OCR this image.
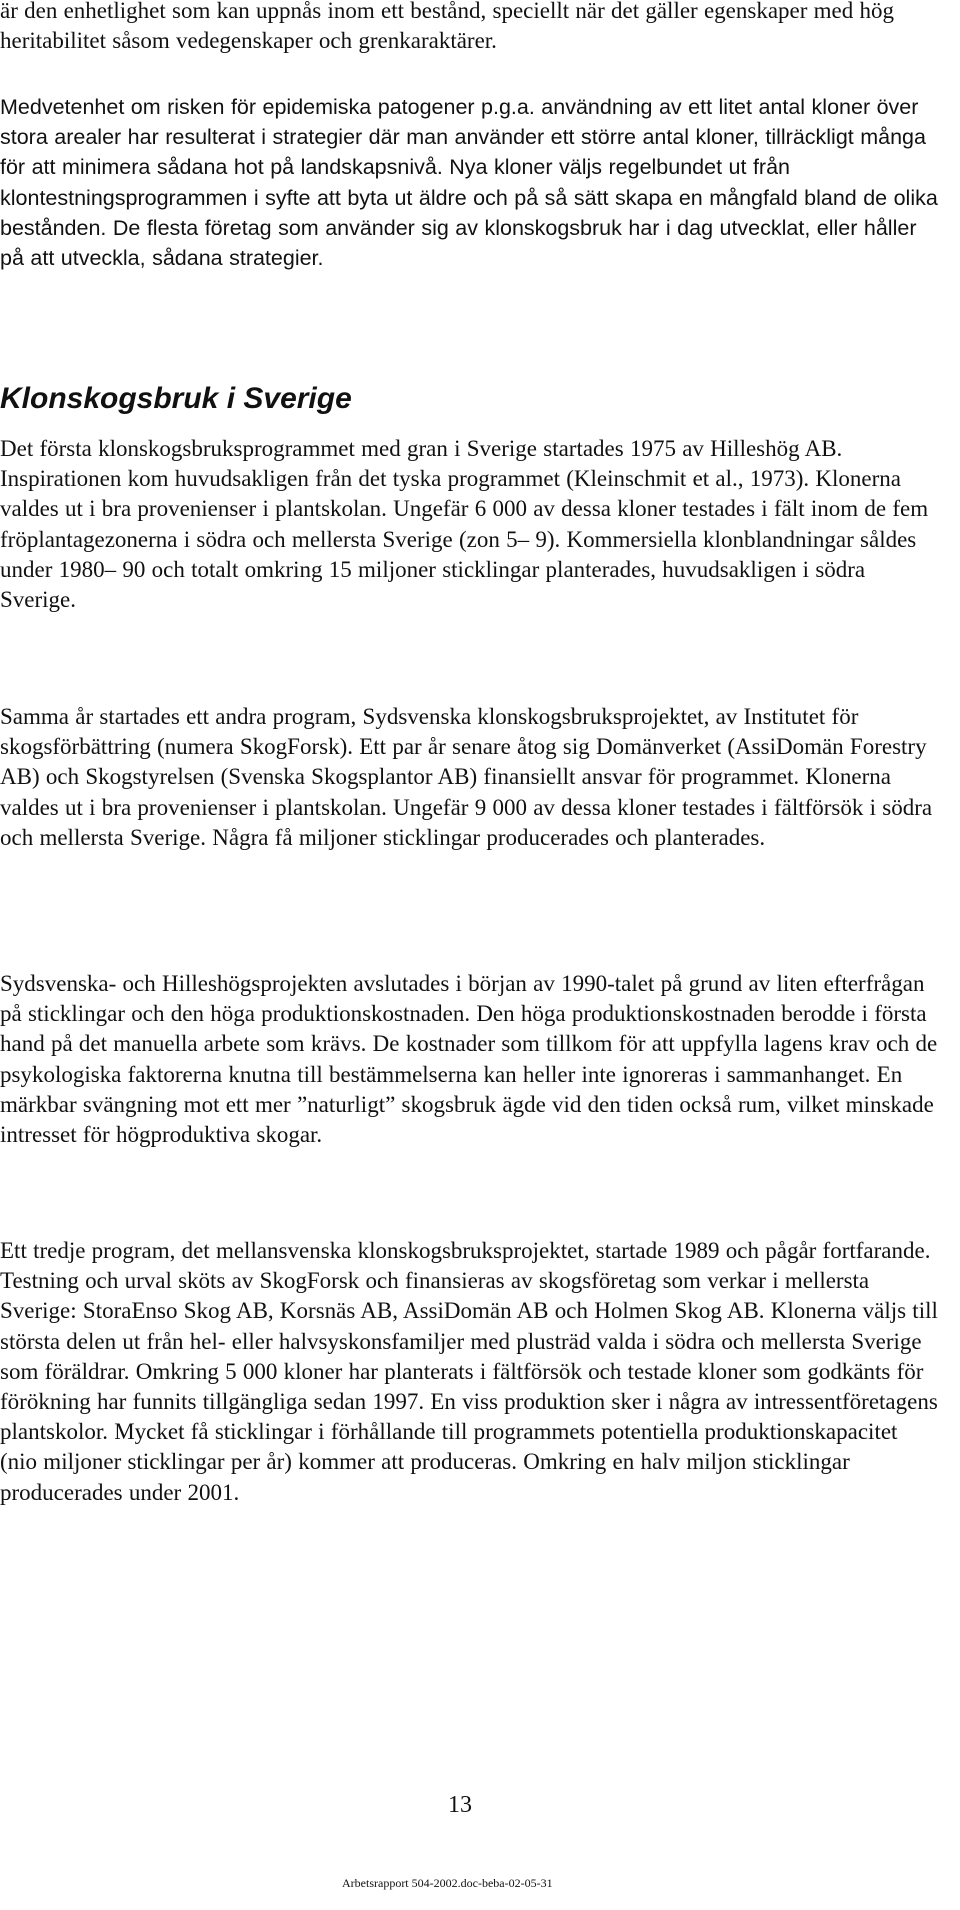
är den enhetlighet som kan uppnås inom ett bestånd, speciellt när det gäller egenskaper med hög heritabilitet såsom vedegenskaper och grenkaraktärer.

Medvetenhet om risken för epidemiska patogener p.g.a. användning av ett litet antal kloner över stora arealer har resulterat i strategier där man använder ett större antal kloner, tillräckligt många för att minimera sådana hot på landskapsnivå. Nya kloner väljs regelbundet ut från klontestningsprogrammen i syfte att byta ut äldre och på så sätt skapa en mångfald bland de olika bestånden. De flesta företag som använder sig av klonskogsbruk har i dag utvecklat, eller håller på att utveckla, sådana strategier.

Klonskogsbruk i Sverige

Det första klonskogsbruksprogrammet med gran i Sverige startades 1975 av Hilleshög AB. Inspirationen kom huvudsakligen från det tyska programmet (Kleinschmit et al., 1973). Klonerna valdes ut i bra provenienser i plantskolan. Ungefär 6 000 av dessa kloner testades i fält inom de fem fröplantagezonerna i södra och mellersta Sverige (zon 5– 9). Kommersiella klonblandningar såldes under 1980– 90 och totalt omkring 15 miljoner sticklingar planterades, huvudsakligen i södra Sverige.

Samma år startades ett andra program, Sydsvenska klonskogsbruksprojektet, av Institutet för skogsförbättring (numera SkogForsk). Ett par år senare åtog sig Domänverket (AssiDomän Forestry AB) och Skogstyrelsen (Svenska Skogsplantor AB) finansiellt ansvar för programmet. Klonerna valdes ut i bra provenienser i plantskolan. Ungefär 9 000 av dessa kloner testades i fältförsök i södra och mellersta Sverige. Några få miljoner sticklingar producerades och planterades.

Sydsvenska- och Hilleshögsprojekten avslutades i början av 1990-talet på grund av liten efterfrågan på sticklingar och den höga produktionskostnaden. Den höga produktionskostnaden berodde i första hand på det manuella arbete som krävs. De kostnader som tillkom för att uppfylla lagens krav och de psykologiska faktorerna knutna till bestämmelserna kan heller inte ignoreras i sammanhanget. En märkbar svängning mot ett mer ”naturligt” skogsbruk ägde vid den tiden också rum, vilket minskade intresset för högproduktiva skogar.

Ett tredje program, det mellansvenska klonskogsbruksprojektet, startade 1989 och pågår fortfarande. Testning och urval sköts av SkogForsk och finansieras av skogsföretag som verkar i mellersta Sverige: StoraEnso Skog AB, Korsnäs AB, AssiDomän AB och Holmen Skog AB. Klonerna väljs till största delen ut från hel- eller halvsyskonsfamiljer med plusträd valda i södra och mellersta Sverige som föräldrar. Omkring 5 000 kloner har planterats i fältförsök och testade kloner som godkänts för förökning har funnits tillgängliga sedan 1997. En viss produktion sker i några av intressentföretagens plantskolor. Mycket få sticklingar i förhållande till programmets potentiella produktionskapacitet (nio miljoner sticklingar per år) kommer att produceras. Omkring en halv miljon sticklingar producerades under 2001.

13
Arbetsrapport 504-2002.doc-beba-02-05-31
